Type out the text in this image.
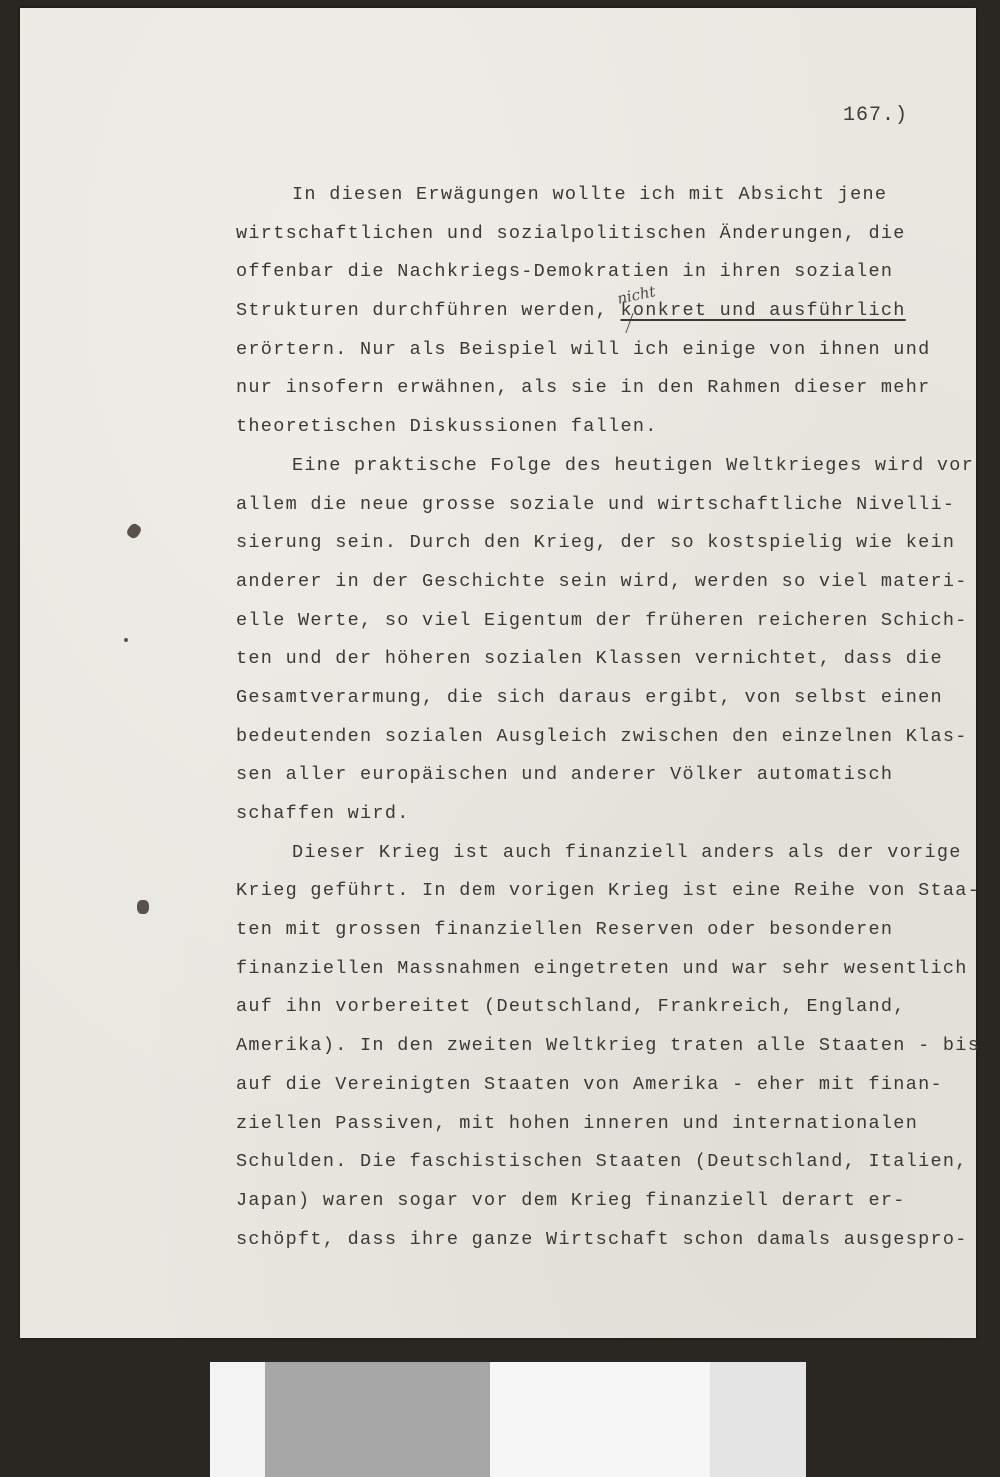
167.)
nicht
In diesen Erwägungen wollte ich mit Absicht jene
wirtschaftlichen und sozialpolitischen Änderungen, die
offenbar die Nachkriegs-Demokratien in ihren sozialen
Strukturen durchführen werden, konkret und ausführlich
erörtern. Nur als Beispiel will ich einige von ihnen und
nur insofern erwähnen, als sie in den Rahmen dieser mehr
theoretischen Diskussionen fallen.
Eine praktische Folge des heutigen Weltkrieges wird vor
allem die neue grosse soziale und wirtschaftliche Nivelli-
sierung sein. Durch den Krieg, der so kostspielig wie kein
anderer in der Geschichte sein wird, werden so viel materi-
elle Werte, so viel Eigentum der früheren reicheren Schich-
ten und der höheren sozialen Klassen vernichtet, dass die
Gesamtverarmung, die sich daraus ergibt, von selbst einen
bedeutenden sozialen Ausgleich zwischen den einzelnen Klas-
sen aller europäischen und anderer Völker automatisch
schaffen wird.
Dieser Krieg ist auch finanziell anders als der vorige
Krieg geführt. In dem vorigen Krieg ist eine Reihe von Staa-
ten mit grossen finanziellen Reserven oder besonderen
finanziellen Massnahmen eingetreten und war sehr wesentlich
auf ihn vorbereitet (Deutschland, Frankreich, England,
Amerika). In den zweiten Weltkrieg traten alle Staaten - bis
auf die Vereinigten Staaten von Amerika - eher mit finan-
ziellen Passiven, mit hohen inneren und internationalen
Schulden. Die faschistischen Staaten (Deutschland, Italien,
Japan) waren sogar vor dem Krieg finanziell derart er-
schöpft, dass ihre ganze Wirtschaft schon damals ausgespro-
